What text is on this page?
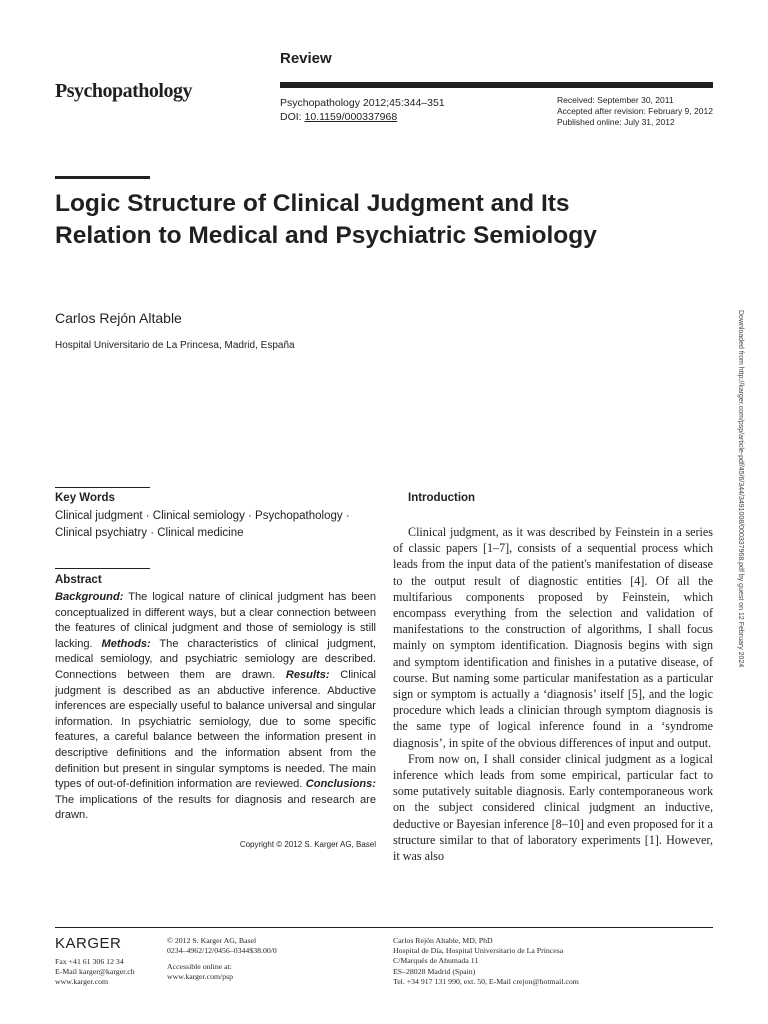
Review
Psychopathology
Psychopathology 2012;45:344–351
DOI: 10.1159/000337968
Received: September 30, 2011
Accepted after revision: February 9, 2012
Published online: July 31, 2012
Logic Structure of Clinical Judgment and Its Relation to Medical and Psychiatric Semiology
Carlos Rejón Altable
Hospital Universitario de La Princesa, Madrid, España	Downloaded from http://karger.com/psp/article-pdf/45/6/344/3491008/000337968.pdf by guest on 12 February 2024
Key Words
Clinical judgment · Clinical semiology · Psychopathology · Clinical psychiatry · Clinical medicine
Abstract
Background: The logical nature of clinical judgment has been conceptualized in different ways, but a clear connection between the features of clinical judgment and those of semiology is still lacking. Methods: The characteristics of clinical judgment, medical semiology, and psychiatric semiology are described. Connections between them are drawn. Results: Clinical judgment is described as an abductive inference. Abductive inferences are especially useful to balance universal and singular information. In psychiatric semiology, due to some specific features, a careful balance between the information present in descriptive definitions and the information absent from the definition but present in singular symptoms is needed. The main types of out-of-definition information are reviewed. Conclusions: The implications of the results for diagnosis and research are drawn.
Copyright © 2012 S. Karger AG, Basel
Introduction

Clinical judgment, as it was described by Feinstein in a series of classic papers [1–7], consists of a sequential process which leads from the input data of the patient's manifestation of disease to the output result of diagnostic entities [4]. Of all the multifarious components proposed by Feinstein, which encompass everything from the selection and validation of manifestations to the construction of algorithms, I shall focus mainly on symptom identification. Diagnosis begins with sign and symptom identification and finishes in a putative disease, of course. But naming some particular manifestation as a particular sign or symptom is actually a ‘diagnosis’ itself [5], and the logic procedure which leads a clinician through symptom diagnosis is the same type of logical inference found in a ‘syndrome diagnosis’, in spite of the obvious differences of input and output.

From now on, I shall consider clinical judgment as a logical inference which leads from some empirical, particular fact to some putatively suitable diagnosis. Early contemporaneous work on the subject considered clinical judgment an inductive, deductive or Bayesian inference [8–10] and even proposed for it a structure similar to that of laboratory experiments [1]. However, it was also

KARGER
Fax +41 61 306 12 34
E-Mail karger@karger.ch
www.karger.com
© 2012 S. Karger AG, Basel
0234–4962/12/0456–0344$38.00/0
Accessible online at:
www.karger.com/psp
Carlos Rejón Altable, MD, PhD
Hospital de Día, Hospital Universitario de La Princesa
C/Marqués de Ahumada 11
ES–28028 Madrid (Spain)
Tel. +34 917 131 990, ext. 50, E-Mail crejon@hotmail.com
